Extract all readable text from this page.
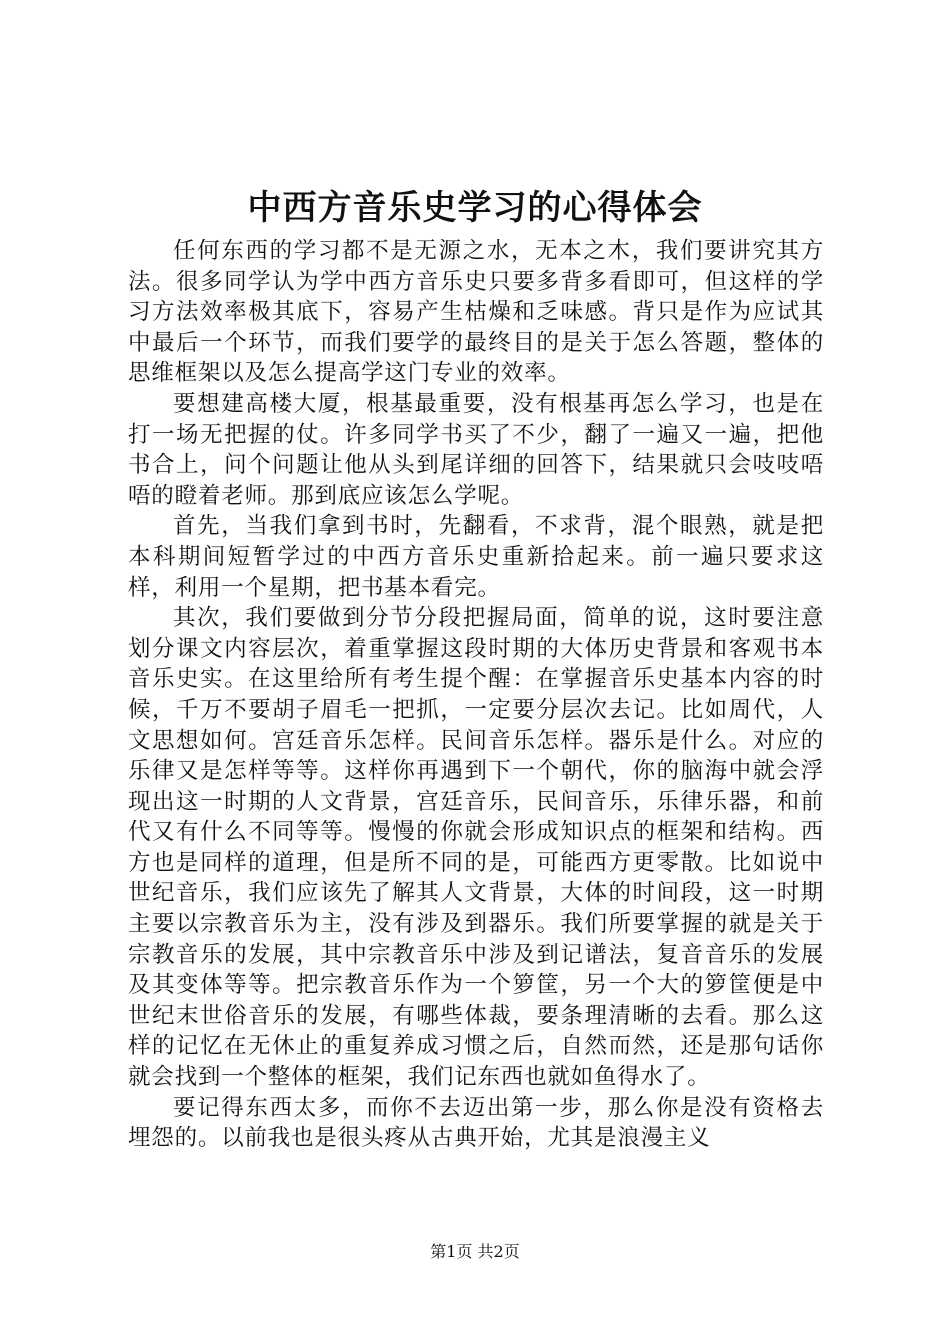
中西方音乐史学习的心得体会

任何东西的学习都不是无源之水，无本之木，我们要讲究其方法。很多同学认为学中西方音乐史只要多背多看即可，但这样的学习方法效率极其底下，容易产生枯燥和乏味感。背只是作为应试其中最后一个环节，而我们要学的最终目的是关于怎么答题，整体的思维框架以及怎么提高学这门专业的效率。

要想建高楼大厦，根基最重要，没有根基再怎么学习，也是在打一场无把握的仗。许多同学书买了不少，翻了一遍又一遍，把他书合上，问个问题让他从头到尾详细的回答下，结果就只会吱吱唔唔的瞪着老师。那到底应该怎么学呢。

首先，当我们拿到书时，先翻看，不求背，混个眼熟，就是把本科期间短暂学过的中西方音乐史重新拾起来。前一遍只要求这样，利用一个星期，把书基本看完。

其次，我们要做到分节分段把握局面，简单的说，这时要注意划分课文内容层次，着重掌握这段时期的大体历史背景和客观书本音乐史实。在这里给所有考生提个醒：在掌握音乐史基本内容的时候，千万不要胡子眉毛一把抓，一定要分层次去记。比如周代，人文思想如何。宫廷音乐怎样。民间音乐怎样。器乐是什么。对应的乐律又是怎样等等。这样你再遇到下一个朝代，你的脑海中就会浮现出这一时期的人文背景，宫廷音乐，民间音乐，乐律乐器，和前代又有什么不同等等。慢慢的你就会形成知识点的框架和结构。西方也是同样的道理，但是所不同的是，可能西方更零散。比如说中世纪音乐，我们应该先了解其人文背景，大体的时间段，这一时期主要以宗教音乐为主，没有涉及到器乐。我们所要掌握的就是关于宗教音乐的发展，其中宗教音乐中涉及到记谱法，复音音乐的发展及其变体等等。把宗教音乐作为一个箩筐，另一个大的箩筐便是中世纪末世俗音乐的发展，有哪些体裁，要条理清晰的去看。那么这样的记忆在无休止的重复养成习惯之后，自然而然，还是那句话你就会找到一个整体的框架，我们记东西也就如鱼得水了。

要记得东西太多，而你不去迈出第一步，那么你是没有资格去埋怨的。以前我也是很头疼从古典开始，尤其是浪漫主义

第1页 共2页
